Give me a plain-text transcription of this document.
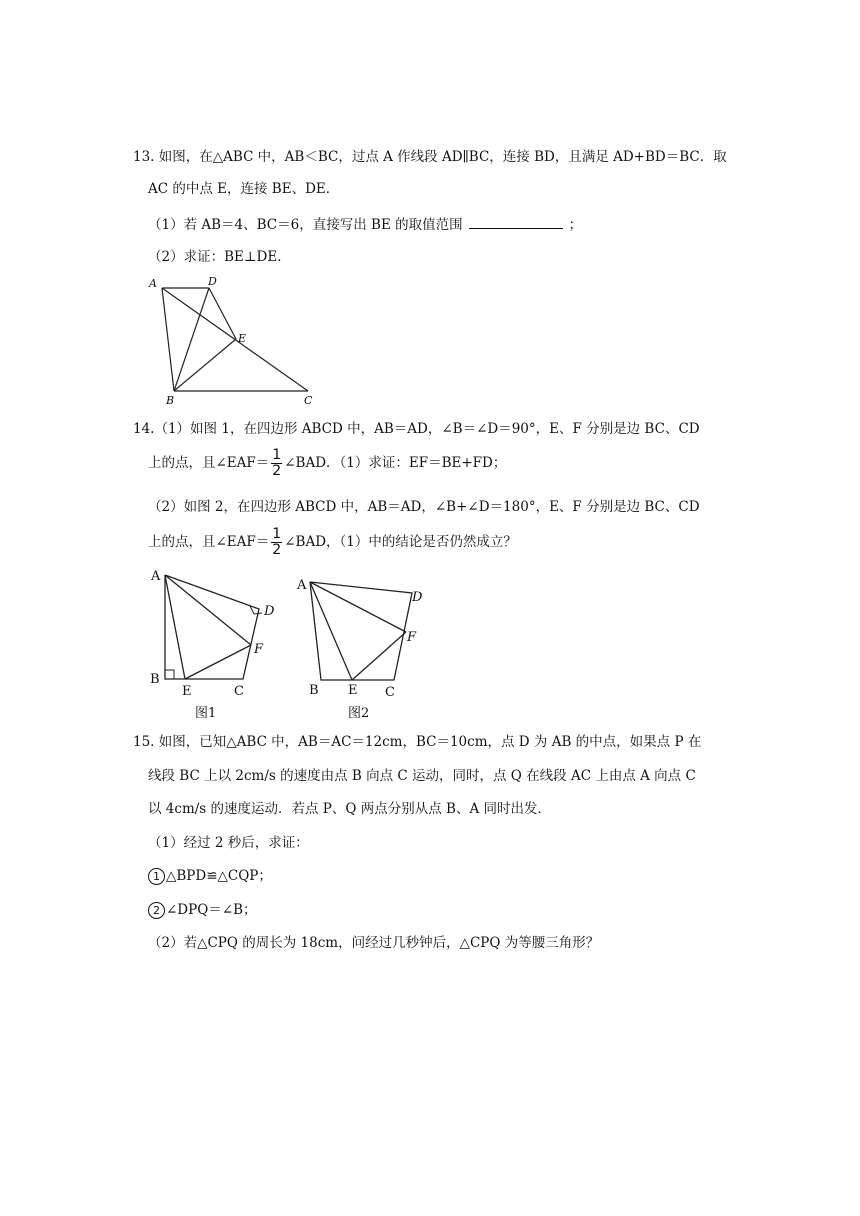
13. 如图，在△ABC 中，AB＜BC，过点 A 作线段 AD∥BC，连接 BD，且满足 AD+BD＝BC．取
AC 的中点 E，连接 BE、DE．
（1）若 AB＝4、BC＝6，直接写出 BE 的取值范围	；
（2）求证：BE⊥DE．
A	D
E
B	C
14.（1）如图 1，在四边形 ABCD 中，AB＝AD，∠B＝∠D＝90°，E、F 分别是边 BC、CD
上的点，且∠EAF＝ $\frac{1}{2}$ ∠BAD．（1）求证：EF＝BE+FD；
（2）如图 2，在四边形 ABCD 中，AB＝AD，∠B+∠D＝180°，E、F 分别是边 BC、CD
上的点，且∠EAF＝ $\frac{1}{2}$ ∠BAD，（1）中的结论是否仍然成立？
A
D
F
B
E	C
图1
A
D
F
B E C
图2
15. 如图，已知△ABC 中，AB＝AC＝12cm，BC＝10cm，点 D 为 AB 的中点，如果点 P 在
线段 BC 上以 2cm/s 的速度由点 B 向点 C 运动，同时，点 Q 在线段 AC 上由点 A 向点 C
以 4cm/s 的速度运动．若点 P、Q 两点分别从点 B、A 同时出发．
（1）经过 2 秒后，求证：
1 △BPD≌△CQP；
2 ∠DPQ＝∠B；
（2）若△CPQ 的周长为 18cm，问经过几秒钟后，△CPQ 为等腰三角形？
